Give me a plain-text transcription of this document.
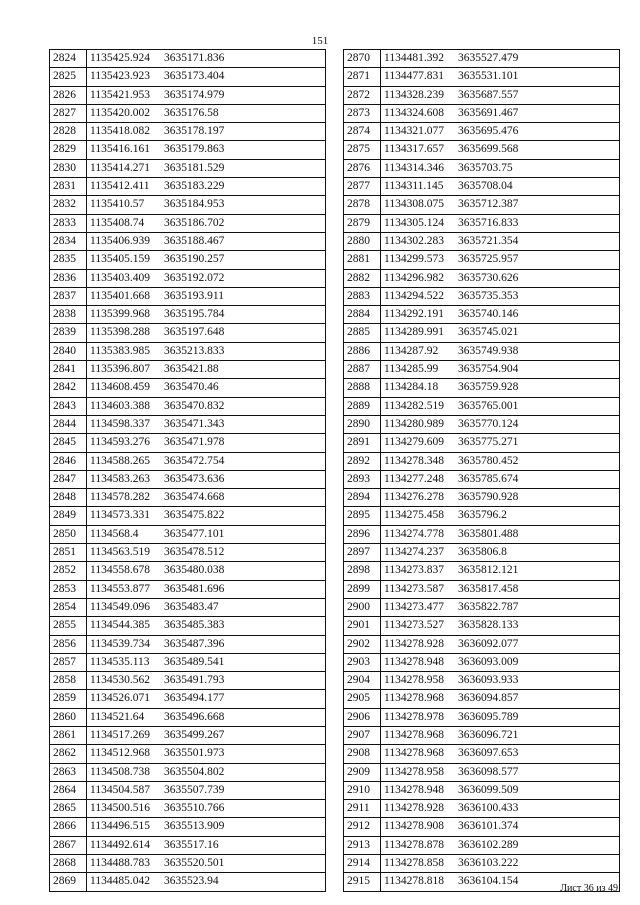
151
2824	1135425.924 3635171.836
2825	1135423.923 3635173.404
2826	1135421.953 3635174.979
2827	1135420.002 3635176.58
2828	1135418.082 3635178.197
2829	1135416.161 3635179.863
2830	1135414.271 3635181.529
2831	1135412.411 3635183.229
2832	1135410.57 3635184.953
2833	1135408.74 3635186.702
2834	1135406.939 3635188.467
2835	1135405.159 3635190.257
2836	1135403.409 3635192.072
2837	1135401.668 3635193.911
2838	1135399.968 3635195.784
2839	1135398.288 3635197.648
2840	1135383.985 3635213.833
2841	1135396.807 3635421.88
2842	1134608.459 3635470.46
2843	1134603.388 3635470.832
2844	1134598.337 3635471.343
2845	1134593.276 3635471.978
2846	1134588.265 3635472.754
2847	1134583.263 3635473.636
2848	1134578.282 3635474.668
2849	1134573.331 3635475.822
2850	1134568.4 3635477.101
2851	1134563.519 3635478.512
2852	1134558.678 3635480.038
2853	1134553.877 3635481.696
2854	1134549.096 3635483.47
2855	1134544.385 3635485.383
2856	1134539.734 3635487.396
2857	1134535.113 3635489.541
2858	1134530.562 3635491.793
2859	1134526.071 3635494.177
2860	1134521.64 3635496.668
2861	1134517.269 3635499.267
2862	1134512.968 3635501.973
2863	1134508.738 3635504.802
2864	1134504.587 3635507.739
2865	1134500.516 3635510.766
2866	1134496.515 3635513.909
2867	1134492.614 3635517.16
2868	1134488.783 3635520.501
2869	1134485.042 3635523.94
2870	1134481.392 3635527.479
2871	1134477.831 3635531.101
2872	1134328.239 3635687.557
2873	1134324.608 3635691.467
2874	1134321.077 3635695.476
2875	1134317.657 3635699.568
2876	1134314.346 3635703.75
2877	1134311.145 3635708.04
2878	1134308.075 3635712.387
2879	1134305.124 3635716.833
2880	1134302.283 3635721.354
2881	1134299.573 3635725.957
2882	1134296.982 3635730.626
2883	1134294.522 3635735.353
2884	1134292.191 3635740.146
2885	1134289.991 3635745.021
2886	1134287.92 3635749.938
2887	1134285.99 3635754.904
2888	1134284.18 3635759.928
2889	1134282.519 3635765.001
2890	1134280.989 3635770.124
2891	1134279.609 3635775.271
2892	1134278.348 3635780.452
2893	1134277.248 3635785.674
2894	1134276.278 3635790.928
2895	1134275.458 3635796.2
2896	1134274.778 3635801.488
2897	1134274.237 3635806.8
2898	1134273.837 3635812.121
2899	1134273.587 3635817.458
2900	1134273.477 3635822.787
2901	1134273.527 3635828.133
2902	1134278.928 3636092.077
2903	1134278.948 3636093.009
2904	1134278.958 3636093.933
2905	1134278.968 3636094.857
2906	1134278.978 3636095.789
2907	1134278.968 3636096.721
2908	1134278.968 3636097.653
2909	1134278.958 3636098.577
2910	1134278.948 3636099.509
2911	1134278.928 3636100.433
2912	1134278.908 3636101.374
2913	1134278.878 3636102.289
2914	1134278.858 3636103.222
2915	1134278.818 3636104.154
Лист 36 из 49
